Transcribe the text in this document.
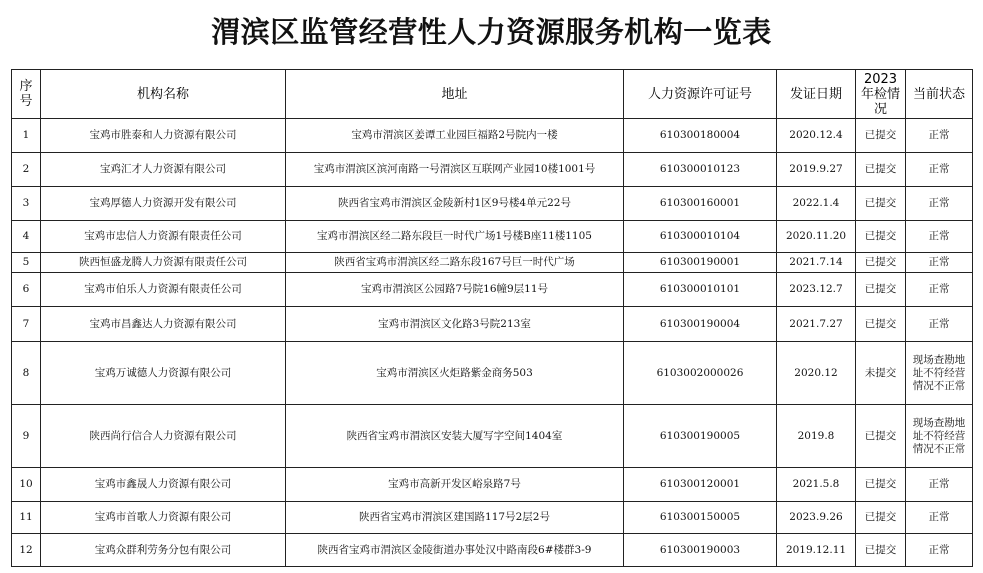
渭滨区监管经营性人力资源服务机构一览表
序号	机构名称	地址	人力资源许可证号	发证日期	2023年检情况	当前状态
1	宝鸡市胜泰和人力资源有限公司	宝鸡市渭滨区姜谭工业园巨福路2号院内一楼	610300180004	2020.12.4	已提交	正常
2	宝鸡汇才人力资源有限公司	宝鸡市渭滨区滨河南路一号渭滨区互联网产业园10楼1001号	610300010123	2019.9.27	已提交	正常
3	宝鸡厚德人力资源开发有限公司	陕西省宝鸡市渭滨区金陵新村1区9号楼4单元22号	610300160001	2022.1.4	已提交	正常
4	宝鸡市忠信人力资源有限责任公司	宝鸡市渭滨区经二路东段巨一时代广场1号楼B座11楼1105	610300010104	2020.11.20	已提交	正常
5	陕西恒盛龙腾人力资源有限责任公司	陕西省宝鸡市渭滨区经二路东段167号巨一时代广场	610300190001	2021.7.14	已提交	正常
6	宝鸡市伯乐人力资源有限责任公司	宝鸡市渭滨区公园路7号院16幢9层11号	610300010101	2023.12.7	已提交	正常
7	宝鸡市昌鑫达人力资源有限公司	宝鸡市渭滨区文化路3号院213室	610300190004	2021.7.27	已提交	正常
8	宝鸡万诚德人力资源有限公司	宝鸡市渭滨区火炬路紫金商务503	6103002000026	2020.12	未提交	现场查勘地址不符经营情况不正常
9	陕西尚行信合人力资源有限公司	陕西省宝鸡市渭滨区安装大厦写字空间1404室	610300190005	2019.8	已提交	现场查勘地址不符经营情况不正常
10	宝鸡市鑫晟人力资源有限公司	宝鸡市高新开发区峪泉路7号	610300120001	2021.5.8	已提交	正常
11	宝鸡市首歌人力资源有限公司	陕西省宝鸡市渭滨区建国路117号2层2号	610300150005	2023.9.26	已提交	正常
12	宝鸡众群利劳务分包有限公司	陕西省宝鸡市渭滨区金陵街道办事处汉中路南段6#楼群3-9	610300190003	2019.12.11	已提交	正常
